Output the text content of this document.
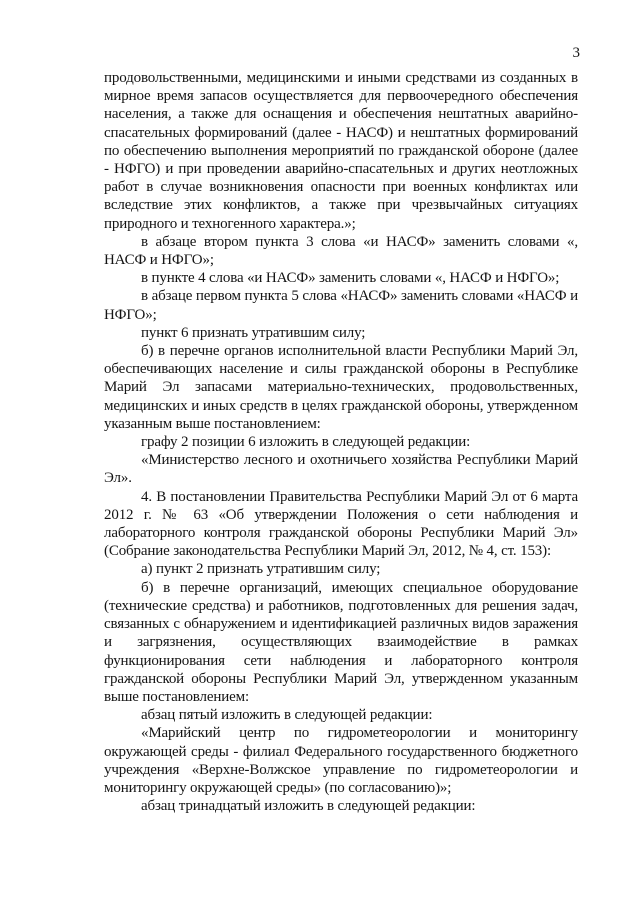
3

продовольственными, медицинскими и иными средствами из созданных в мирное время запасов осуществляется для первоочередного обеспечения населения, а также для оснащения и обеспечения нештатных аварийно-спасательных формирований (далее - НАСФ) и нештатных формирований по обеспечению выполнения мероприятий по гражданской обороне (далее - НФГО) и при проведении аварийно-спасательных и других неотложных работ в случае возникновения опасности при военных конфликтах или вследствие этих конфликтов, а также при чрезвычайных ситуациях природного и техногенного характера.»;

в абзаце втором пункта 3 слова «и НАСФ» заменить словами «, НАСФ и НФГО»;

в пункте 4 слова «и НАСФ» заменить словами «, НАСФ и НФГО»;

в абзаце первом пункта 5 слова «НАСФ» заменить словами «НАСФ и НФГО»;

пункт 6 признать утратившим силу;

б) в перечне органов исполнительной власти Республики Марий Эл, обеспечивающих население и силы гражданской обороны в Республике Марий Эл запасами материально-технических, продовольственных, медицинских и иных средств в целях гражданской обороны, утвержденном указанным выше постановлением:

графу 2 позиции 6 изложить в следующей редакции:

«Министерство лесного и охотничьего хозяйства Республики Марий Эл».

4. В постановлении Правительства Республики Марий Эл от 6 марта 2012 г. № 63 «Об утверждении Положения о сети наблюдения и лабораторного контроля гражданской обороны Республики Марий Эл» (Собрание законодательства Республики Марий Эл, 2012, № 4, ст. 153):

а) пункт 2 признать утратившим силу;

б) в перечне организаций, имеющих специальное оборудование (технические средства) и работников, подготовленных для решения задач, связанных с обнаружением и идентификацией различных видов заражения и загрязнения, осуществляющих взаимодействие в рамках функционирования сети наблюдения и лабораторного контроля гражданской обороны Республики Марий Эл, утвержденном указанным выше постановлением:

абзац пятый изложить в следующей редакции:

«Марийский центр по гидрометеорологии и мониторингу окружающей среды - филиал Федерального государственного бюджетного учреждения «Верхне-Волжское управление по гидрометеорологии и мониторингу окружающей среды» (по согласованию)»;

абзац тринадцатый изложить в следующей редакции:
